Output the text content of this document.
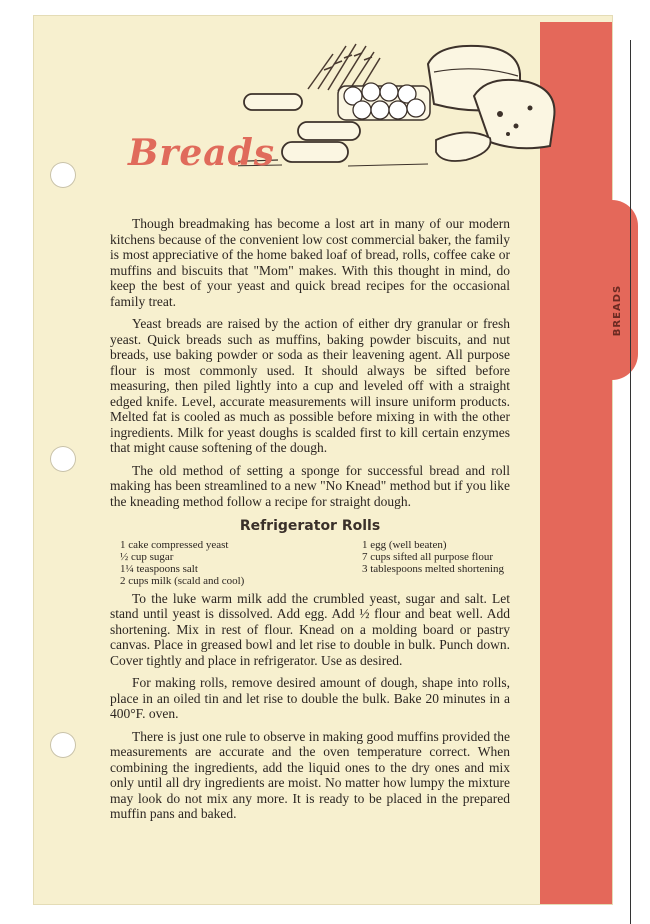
BREADS
Breads

Though breadmaking has become a lost art in many of our modern kitchens because of the convenient low cost commercial baker, the family is most appreciative of the home baked loaf of bread, rolls, coffee cake or muffins and biscuits that "Mom" makes. With this thought in mind, do keep the best of your yeast and quick bread recipes for the occasional family treat.

Yeast breads are raised by the action of either dry granular or fresh yeast. Quick breads such as muffins, baking powder biscuits, and nut breads, use baking powder or soda as their leavening agent. All purpose flour is most commonly used. It should always be sifted before measuring, then piled lightly into a cup and leveled off with a straight edged knife. Level, accurate measurements will insure uniform products. Melted fat is cooled as much as possible before mixing in with the other ingredients. Milk for yeast doughs is scalded first to kill certain enzymes that might cause softening of the dough.

The old method of setting a sponge for successful bread and roll making has been streamlined to a new "No Knead" method but if you like the kneading method follow a recipe for straight dough.

Refrigerator Rolls
1 cake compressed yeast
½ cup sugar
1¼ teaspoons salt
2 cups milk (scald and cool)
1 egg (well beaten)
7 cups sifted all purpose flour
3 tablespoons melted shortening

To the luke warm milk add the crumbled yeast, sugar and salt. Let stand until yeast is dissolved. Add egg. Add ½ flour and beat well. Add shortening. Mix in rest of flour. Knead on a molding board or pastry canvas. Place in greased bowl and let rise to double in bulk. Punch down. Cover tightly and place in refrigerator. Use as desired.

For making rolls, remove desired amount of dough, shape into rolls, place in an oiled tin and let rise to double the bulk. Bake 20 minutes in a 400°F. oven.

There is just one rule to observe in making good muffins provided the measurements are accurate and the oven temperature correct. When combining the ingredients, add the liquid ones to the dry ones and mix only until all dry ingredients are moist. No matter how lumpy the mixture may look do not mix any more. It is ready to be placed in the prepared muffin pans and baked.
